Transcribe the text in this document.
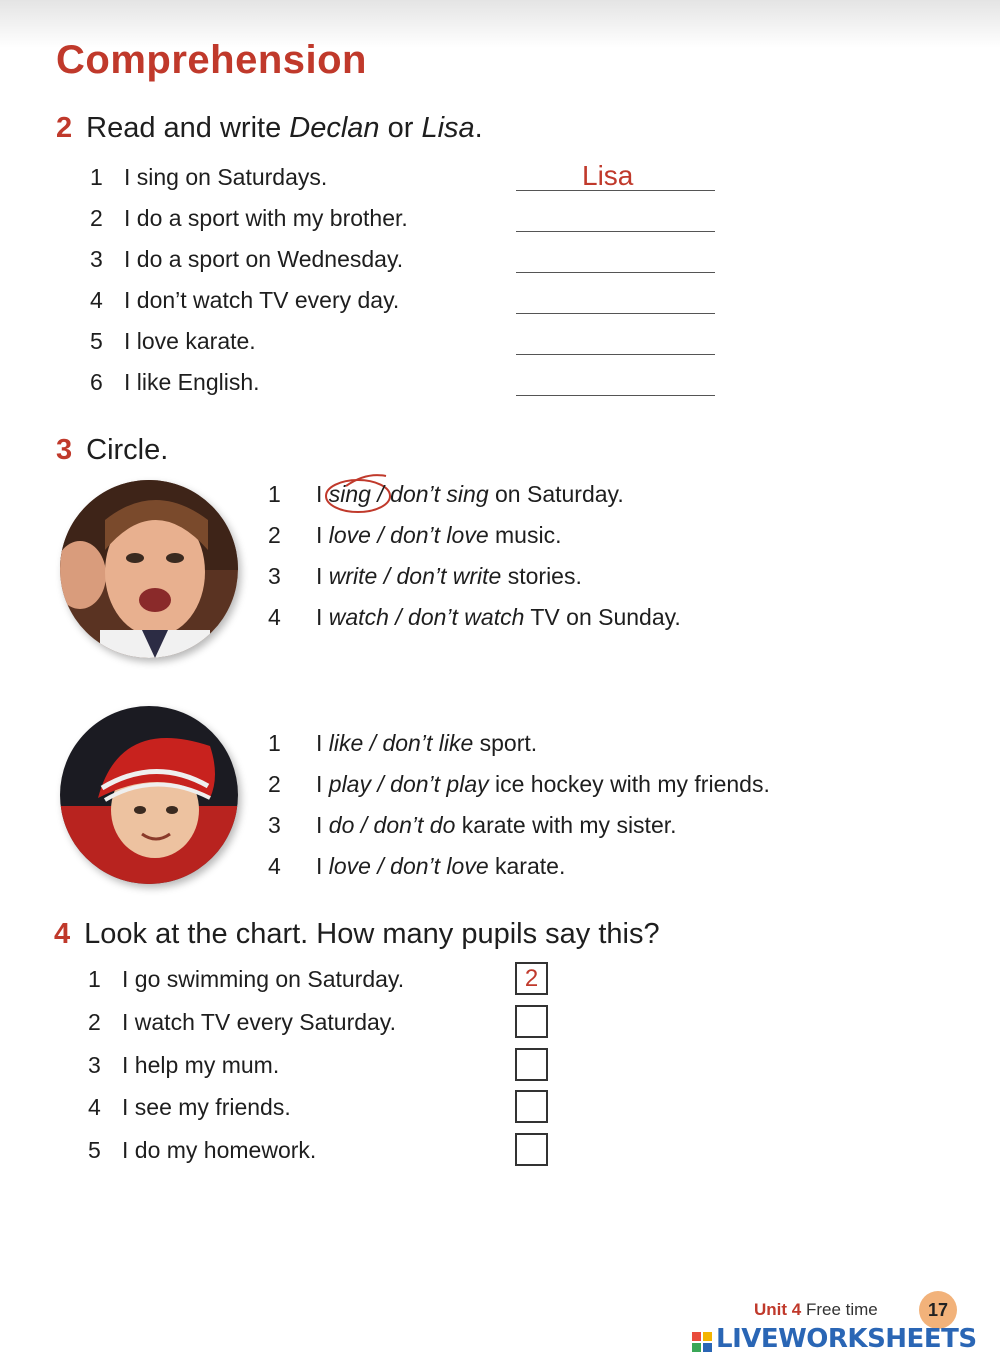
Comprehension
2 Read and write Declan or Lisa.
1 I sing on Saturdays.
2 I do a sport with my brother.
3 I do a sport on Wednesday.
4 I don’t watch TV every day.
5 I love karate.
6 I like English.
Lisa
3 Circle.
1 I sing / don’t sing on Saturday.
2 I love / don’t love music.
3 I write / don’t write stories.
4 I watch / don’t watch TV on Sunday.
1 I like / don’t like sport.
2 I play / don’t play ice hockey with my friends.
3 I do / don’t do karate with my sister.
4 I love / don’t love karate.
4 Look at the chart. How many pupils say this?
1 I go swimming on Saturday.
2 I watch TV every Saturday.
3 I help my mum.
4 I see my friends.
5 I do my homework.
2
Unit 4 Free time	17
LIVEWORKSHEETS
